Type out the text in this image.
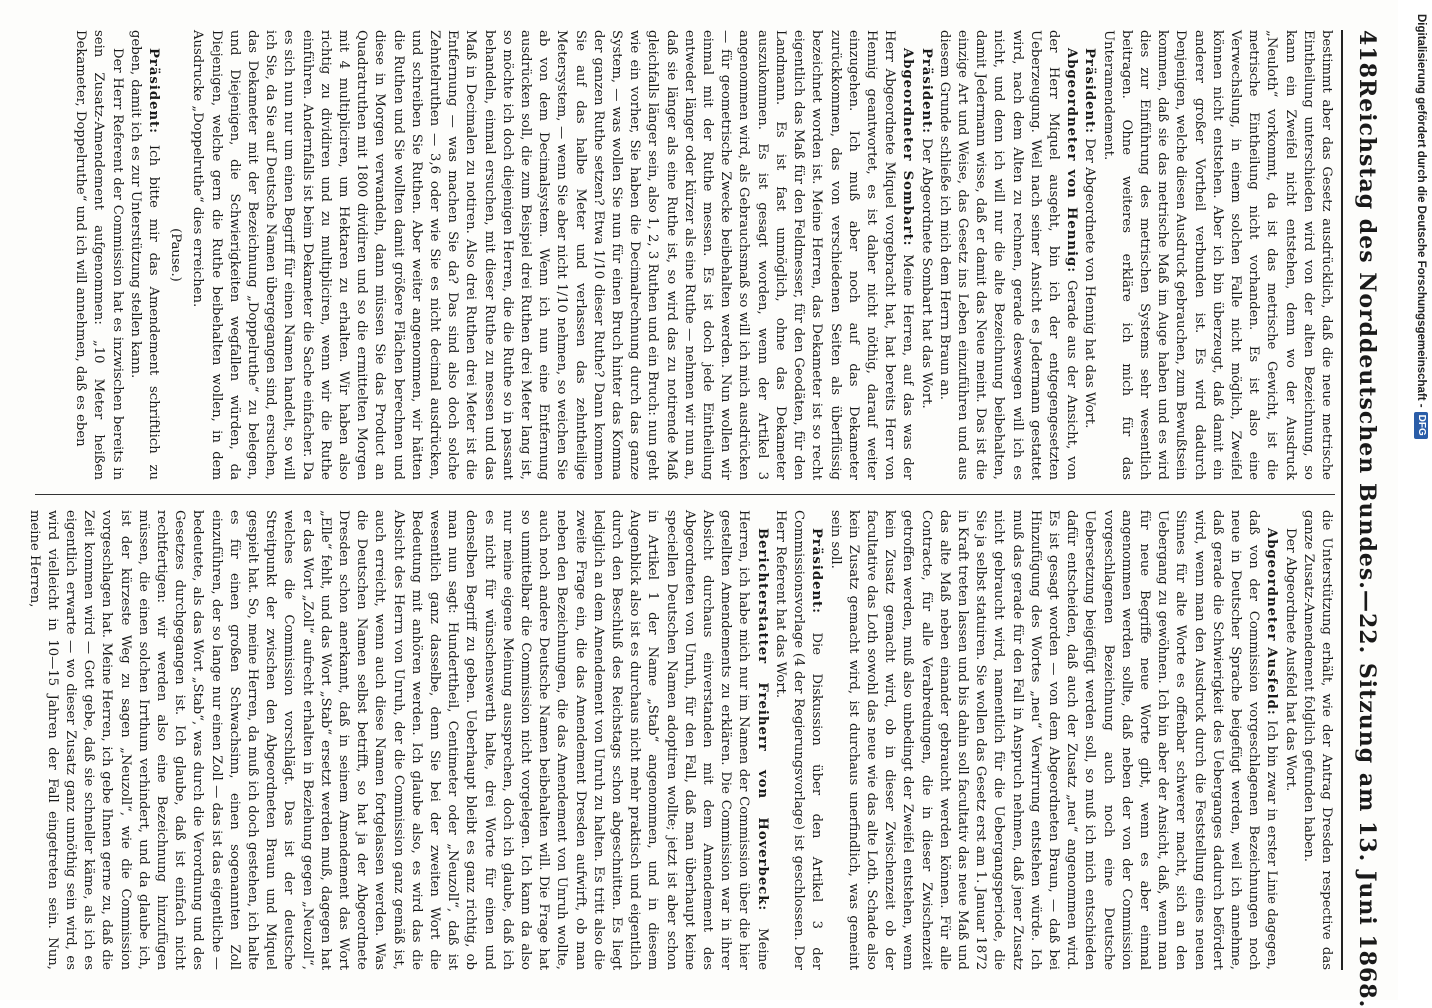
418
Reichstag des Norddeutschen Bundes.
—
22. Sitzung am 13. Juni 1868.

bestimmt aber das Gesetz ausdrücklich, daß die neue metrische Eintheilung unterschieden wird von der alten Bezeichnung, so kann ein Zweifel nicht entstehen, denn wo der Ausdruck „Neuloth“ vorkommt, da ist das metrische Gewicht, ist die metrische Eintheilung nicht vorhanden. Es ist also eine Verwechslung, in einem solchen Falle nicht möglich, Zweifel können nicht entstehen. Aber ich bin überzeugt, daß damit ein anderer großer Vortheil verbunden ist. Es wird dadurch Denjenigen, welche diesen Ausdruck gebrauchen, zum Bewußtsein kommen, daß sie das metrische Maß im Auge haben und es wird dies zur Einführung des metrischen Systems sehr wesentlich beitragen. Ohne weiteres erkläre ich mich für das Unteramendement.

Präsident: Der Abgeordnete von Hennig hat das Wort.

Abgeordneter von Hennig: Gerade aus der Ansicht, von der Herr Miquel ausgeht, bin ich der entgegengesetzten Ueberzeugung. Weil nach seiner Ansicht es Jedermann gestattet wird, nach dem Alten zu rechnen, gerade deswegen will ich es nicht, und denn ich will nur die alte Bezeichnung beibehalten, damit Jedermann wisse, daß er damit das Neue meint. Das ist die einzige Art und Weise, das Gesetz ins Leben einzuführen und aus diesem Grunde schließe ich mich dem Herrn Braun an.

Präsident: Der Abgeordnete Sombart hat das Wort.

Abgeordneter Sombart: Meine Herren, auf das was der Herr Abgeordnete Miquel vorgebracht hat, hat bereits Herr von Hennig geantwortet, es ist daher nicht nöthig, darauf weiter einzugehen. Ich muß aber noch auf das Dekameter zurückkommen, das von verschiedenen Seiten als überflüssig bezeichnet worden ist. Meine Herren, das Dekameter ist so recht eigentlich das Maß für den Feldmesser, für den Geodäten, für den Landmann. Es ist fast unmöglich, ohne das Dekameter auszukommen. Es ist gesagt worden, wenn der Artikel 3 angenommen wird, als Gebrauchsmaß so will ich mich ausdrücken — für geometrische Zwecke beibehalten werden. Nun wollen wir einmal mit der Ruthe messen. Es ist doch jede Eintheilung entweder länger oder kürzer als eine Ruthe — nehmen wir nun an, daß sie länger als eine Ruthe ist, so wird das zu notirende Maß gleichfalls länger sein, also 1, 2, 3 Ruthen und ein Bruch: nun geht wie ein vorher, Sie haben die Decimalrechnung durch das ganze System, — was wollen Sie nun für einen Bruch hinter das Komma der ganzen Ruthe setzen? Etwa 1/10 dieser Ruthe? Dann kommen Sie auf das halbe Meter und verlassen das zehntheilige Metersystem, — wenn Sie aber nicht 1/10 nehmen, so weichen Sie ab von dem Decimalsystem. Wenn ich nun eine Entfernung ausdrücken soll, die zum Beispiel drei Ruthen drei Meter lang ist, so möchte ich doch diejenigen Herren, die die Ruthe so in passant behandeln, einmal ersuchen, mit dieser Ruthe zu messen und das Maß in Decimalen zu notiren. Also drei Ruthen drei Meter ist die Entfernung — was machen Sie da? Das sind also doch solche Zehntelruthen — 3,6 oder wie Sie es nicht decimal ausdrücken, und schreiben Sie Ruthen. Aber weiter angenommen, wir hätten die Ruthen und Sie wollten damit größere Flächen berechnen und diese in Morgen verwandeln, dann müssen Sie das Product an Quadratruthen mit 1800 dividiren und so die ermittelten Morgen mit 4 multipliciren, um Hektaren zu erhalten. Wir haben also richtig zu dividiren und zu multipliciren, wenn wir die Ruthe einführen. Andernfalls ist beim Dekameter die Sache einfacher. Da es sich nun nur um einen Begriff für einen Namen handelt, so will ich Sie, da Sie auf Deutsche Namen übergegangen sind, ersuchen, das Dekameter mit der Bezeichnung „Doppelruthe“ zu belegen, und Diejenigen, die Schwierigkeiten wegfallen würden, da Diejenigen, welche gern die Ruthe beibehalten wollen, in dem Ausdrucke „Doppelruthe“ dies erreichen.

(Pause.)

Präsident: Ich bitte mir das Amendement schriftlich zu geben, damit ich es zur Unterstützung stellen kann.

Der Herr Referent der Commission hat es inzwischen bereits in sein Zusatz-Amendement aufgenommen: „10 Meter heißen Dekameter, Doppelruthe“ und ich will annehmen, daß es eben

die Unterstützung erhält, wie der Antrag Dresden respective das ganze Zusatz-Amendement folglich gefunden haben.

Der Abgeordnete Ausfeld hat das Wort.

Abgeordneter Ausfeld: Ich bin zwar in erster Linie dagegen, daß von der Commission vorgeschlagenen Bezeichnungen noch neue in Deutscher Sprache beigefügt werden, weil ich annehme, daß gerade die Schwierigkeit des Ueberganges dadurch befördert wird, wenn man den Ausdruck durch die Feststellung eines neuen Sinnes für alte Worte es offenbar schwerer macht, sich an den Uebergang zu gewöhnen. Ich bin aber der Ansicht, daß, wenn man für neue Begriffe neue Worte gibt, wenn es aber einmal angenommen werden sollte, daß neben der von der Commission vorgeschlagenen Bezeichnung auch noch eine Deutsche Uebersetzung beigefügt werden soll, so muß ich mich entschieden dafür entscheiden, daß auch der Zusatz „neu“ angenommen wird. Es ist gesagt worden — von dem Abgeordneten Braun, — daß bei Hinzufügung des Wortes „neu“ Verwirrung entstehen würde. Ich muß das gerade für den Fall in Anspruch nehmen, daß jener Zusatz nicht gebraucht wird, namentlich für die Uebergangsperiode, die Sie ja selbst statuiren. Sie wollen das Gesetz erst am 1. Januar 1872 in Kraft treten lassen und bis dahin soll facultativ das neue Maß und das alte Maß neben einander gebraucht werden können. Für alle Contracte, für alle Verabredungen, die in dieser Zwischenzeit getroffen werden, muß also unbedingt der Zweifel entstehen, wenn kein Zusatz gemacht wird, ob in dieser Zwischenzeit ob der facultative das Loth sowohl das neue wie das alte Loth. Schade also kein Zusatz gemacht wird, ist durchaus unerfindlich, was gemeint sein soll.

Präsident: Die Diskussion über den Artikel 3 der Commissionsvorlage (4 der Regierungsvorlage) ist geschlossen. Der Herr Referent hat das Wort.

Berichterstatter Freiherr von Hoverbeck: Meine Herren, ich habe mich nur im Namen der Commission über die hier gestellten Amendements zu erklären. Die Commission war in ihrer Absicht durchaus einverstanden mit dem Amendement des Abgeordneten von Unruh, für den Fall, daß man überhaupt keine speciellen Deutschen Namen adoptiren wollte; jetzt ist aber schon in Artikel 1 der Name „Stab“ angenommen, und in diesem Augenblick also ist es durchaus nicht mehr praktisch und eigentlich durch den Beschluß des Reichstags schon abgeschnitten. Es liegt lediglich an dem Amendement von Unruh zu halten. Es tritt also die zweite Frage ein, die das Amendement Dresden aufwirft, ob man neben den Bezeichnungen, die das Amendement von Unruh wollte, auch noch andere Deutsche Namen beibehalten will. Die Frage hat so unmittelbar die Commission nicht vorgelegen. Ich kann da also nur meine eigene Meinung aussprechen, doch ich glaube, daß ich es nicht für wünschenswerth halte, drei Worte für einen und denselben Begriff zu geben. Ueberhaupt bleibt es ganz richtig, ob man nun sagt: Hunderttheil, Centimeter oder „Neuzoll“, daß ist wesentlich ganz dasselbe, denn Sie bei der zweiten Wort die Bedeutung mit anhören werden. Ich glaube also, es wird das die Absicht des Herrn von Unruh, der die Commission ganz gemäß ist, auch erreicht, wenn auch diese Namen fortgelassen werden. Was die Deutschen Namen selbst betrifft, so hat ja der Abgeordnete Dresden schon anerkannt, daß in seinem Amendement das Wort „Elle“ fehlt, und das Wort „Stab“ ersetzt werden muß, dagegen hat er das Wort „Zoll“ aufrecht erhalten in Beziehung gegen „Neuzoll“, welches die Commission vorschlägt. Das ist der deutsche Streitpunkt der zwischen den Abgeordneten Braun und Miquel gespielt hat. So, meine Herren, da muß ich doch gestehen, ich halte es für einen großen Schwachsinn, einen sogenannten Zoll einzuführen, der so lange nur einen Zoll — das ist das eigentliche — bedeutete, als das Wort „Stab“, was durch die Verordnung und des Gesetzes durchgegangen ist. Ich glaube, daß ist einfach nicht rechtfertigen: wir werden also eine Bezeichnung hinzufügen müssen, die einen solchen Irrthum verhindert, und da glaube ich, ist der kürzeste Weg zu sagen „Neuzoll“, wie die Commission vorgeschlagen hat. Meine Herren, ich gebe Ihnen gerne zu, daß die Zeit kommen wird — Gott gebe, daß sie schneller käme, als ich es eigentlich erwarte — wo dieser Zusatz ganz unnöthig sein wird, es wird vielleicht in 10—15 Jahren der Fall eingetreten sein. Nun, meine Herren,

Digitalisierung gefördert durch die Deutsche Forschungsgemeinschaft -
DFG
